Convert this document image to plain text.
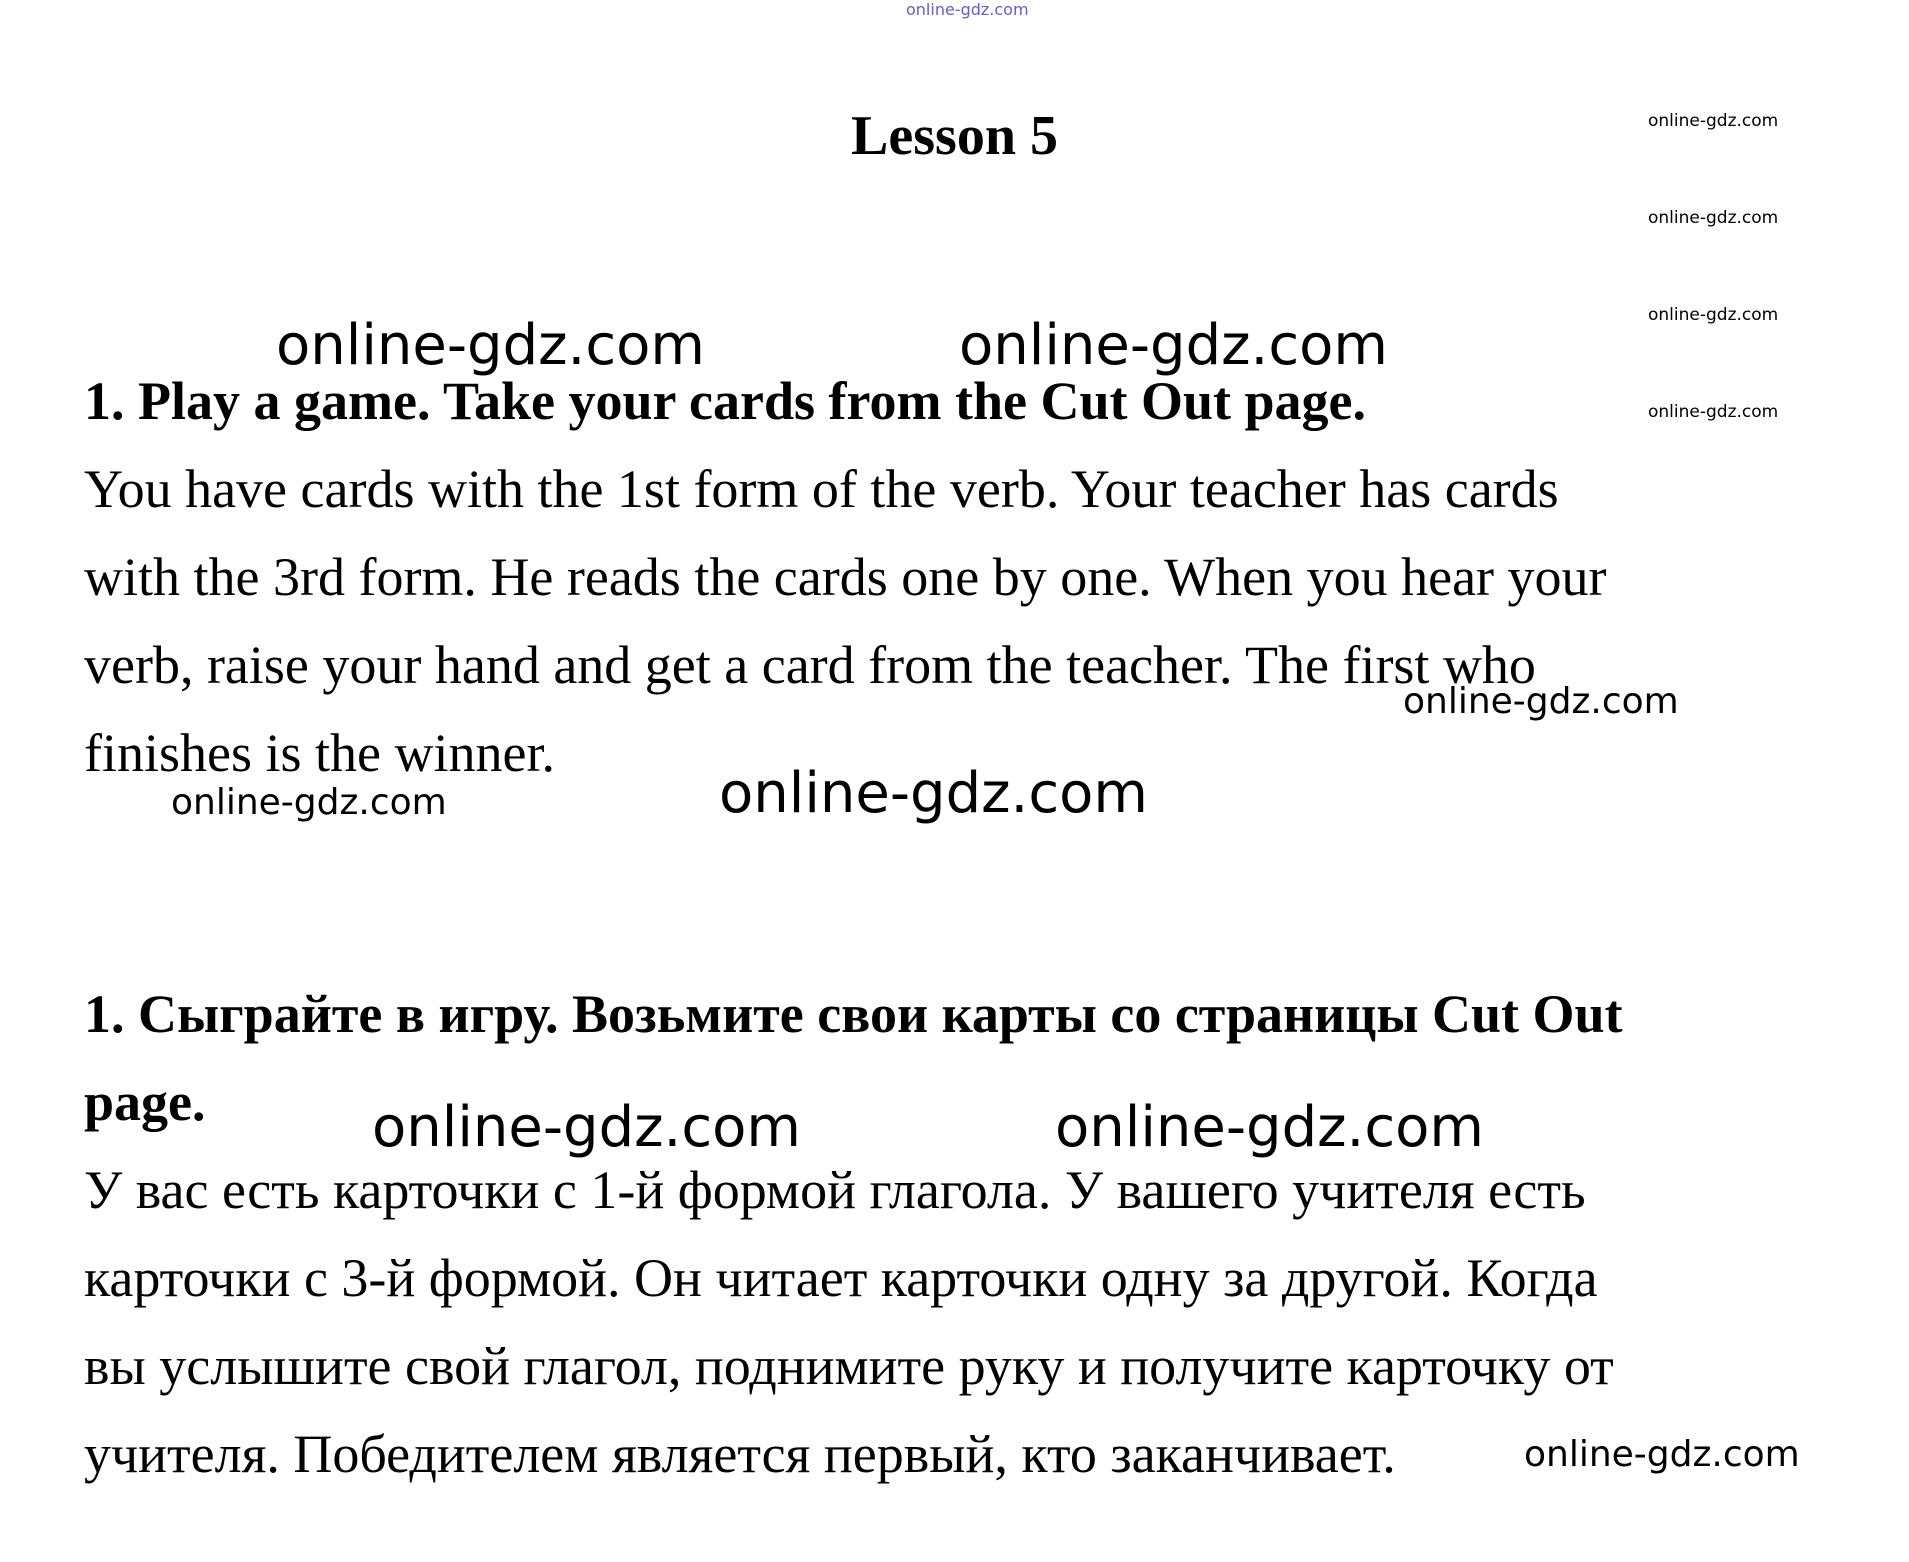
online-gdz.com
Lesson 5	online-gdz.com
online-gdz.com
online-gdz.com
online-gdz.com
online-gdz.com	online-gdz.com
1. Play a game. Take your cards from the Cut Out page.

You have cards with the 1st form of the verb. Your teacher has cards

with the 3rd form. He reads the cards one by one. When you hear your

verb, raise your hand and get a card from the teacher. The first who

finishes is the winner.

online-gdz.com
online-gdz.com	online-gdz.com
1. Сыграйте в игру. Возьмите свои карты со страницы Cut Out
page.	online-gdz.com	online-gdz.com

У вас есть карточки с 1-й формой глагола. У вашего учителя есть

карточки с 3-й формой. Он читает карточки одну за другой. Когда

вы услышите свой глагол, поднимите руку и получите карточку от

учителя. Победителем является первый, кто заканчивает.	online-gdz.com
